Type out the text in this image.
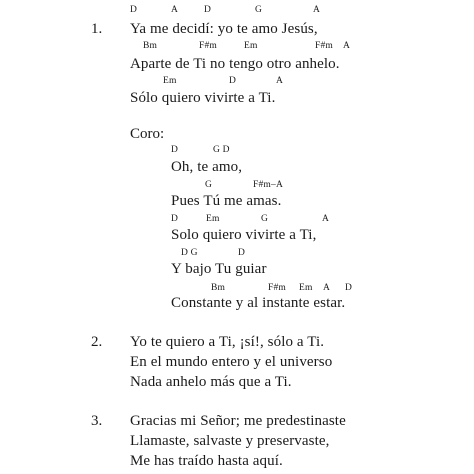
D	A	D	G	A
1. Ya me decidí: yo te amo Jesús,
Bm	F#m	Em	F#m A
Aparte de Ti no tengo otro anhelo.
Em	D	A
Sólo quiero vivirte a Ti.
Coro:
D	G D
Oh, te amo,
G	F#m–A
Pues Tú me amas.
D	Em	G	A
Solo quiero vivirte a Ti,
D G	D
Y bajo Tu guiar
Bm	F#m Em A D
Constante y al instante estar.
2. Yo te quiero a Ti, ¡sí!, sólo a Ti.
En el mundo entero y el universo
Nada anhelo más que a Ti.
3. Gracias mi Señor; me predestinaste
Llamaste, salvaste y preservaste,
Me has traído hasta aquí.
